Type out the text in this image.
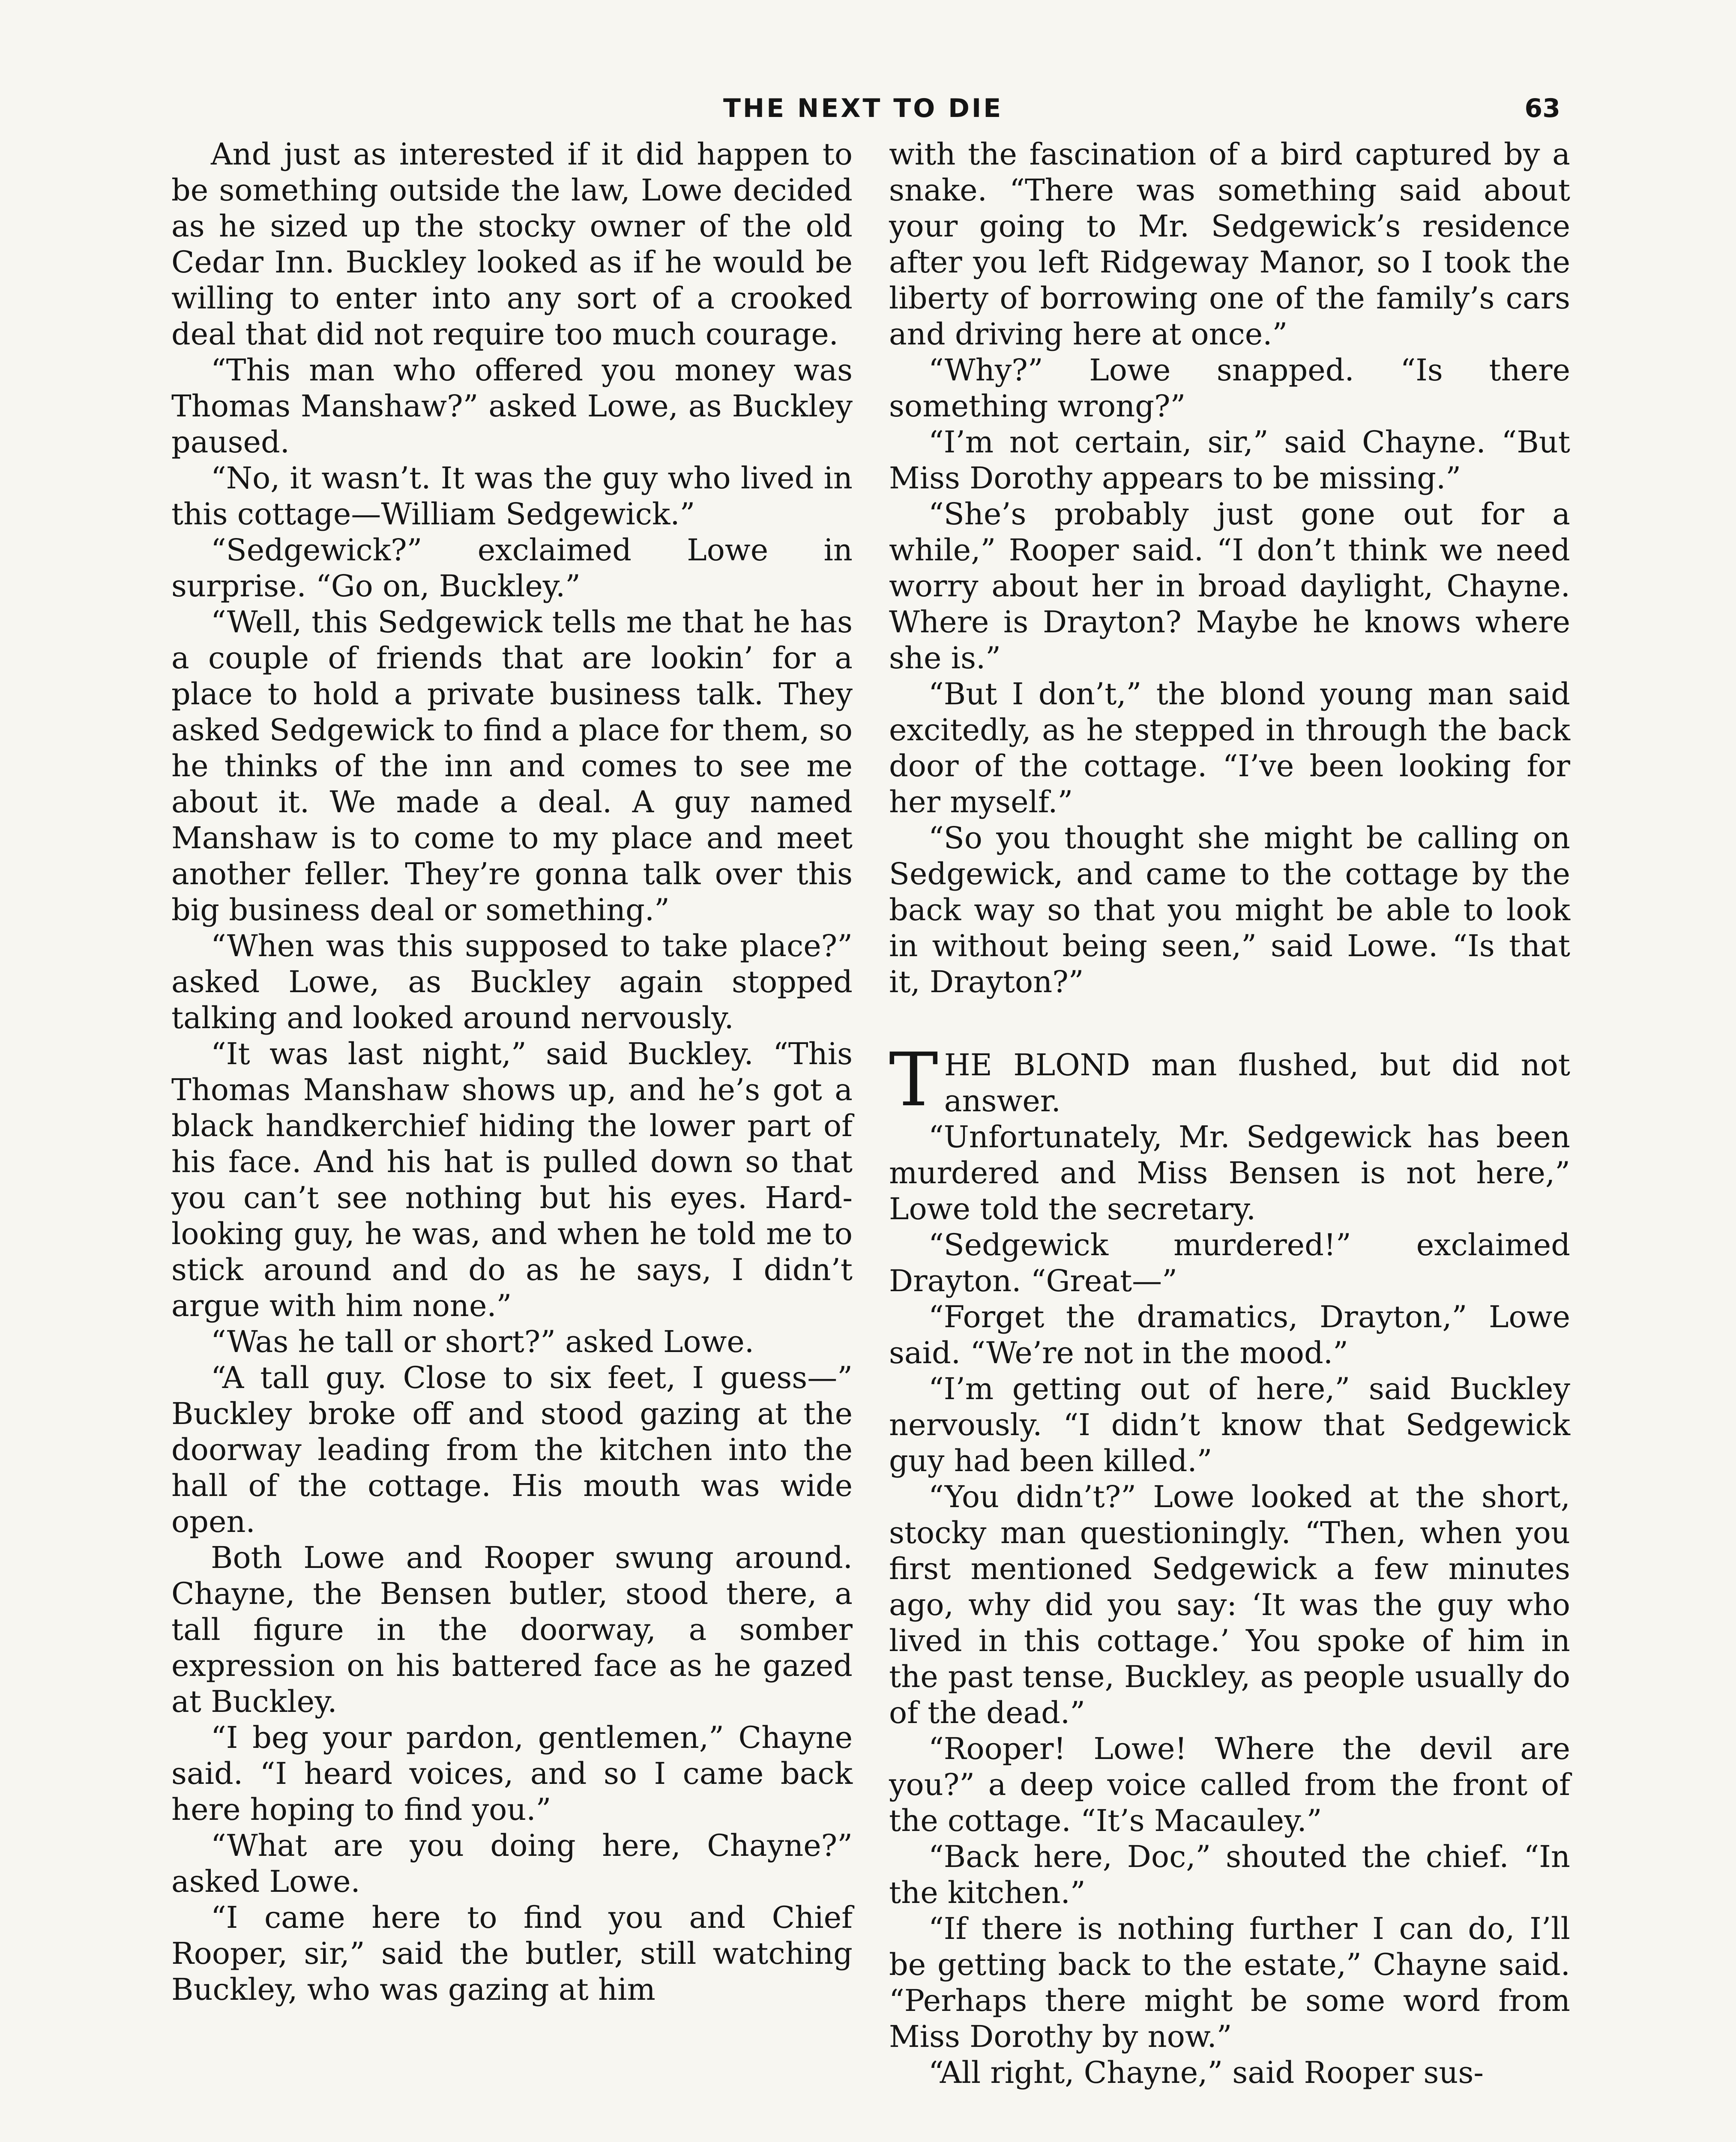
THE NEXT TO DIE	63

And just as interested if it did happen to be something outside the law, Lowe decided as he sized up the stocky owner of the old Cedar Inn. Buckley looked as if he would be willing to enter into any sort of a crooked deal that did not require too much courage.

“This man who offered you money was Thomas Manshaw?” asked Lowe, as Buckley paused.

“No, it wasn’t. It was the guy who lived in this cottage—William Sedgewick.”

“Sedgewick?” exclaimed Lowe in surprise. “Go on, Buckley.”

“Well, this Sedgewick tells me that he has a couple of friends that are lookin’ for a place to hold a private business talk. They asked Sedgewick to find a place for them, so he thinks of the inn and comes to see me about it. We made a deal. A guy named Manshaw is to come to my place and meet another feller. They’re gonna talk over this big business deal or something.”

“When was this supposed to take place?” asked Lowe, as Buckley again stopped talking and looked around nervously.

“It was last night,” said Buckley. “This Thomas Manshaw shows up, and he’s got a black handkerchief hiding the lower part of his face. And his hat is pulled down so that you can’t see nothing but his eyes. Hard-looking guy, he was, and when he told me to stick around and do as he says, I didn’t argue with him none.”

“Was he tall or short?” asked Lowe.

“A tall guy. Close to six feet, I guess—” Buckley broke off and stood gazing at the doorway leading from the kitchen into the hall of the cottage. His mouth was wide open.

Both Lowe and Rooper swung around. Chayne, the Bensen butler, stood there, a tall figure in the doorway, a somber expression on his battered face as he gazed at Buckley.

“I beg your pardon, gentlemen,” Chayne said. “I heard voices, and so I came back here hoping to find you.”

“What are you doing here, Chayne?” asked Lowe.

“I came here to find you and Chief Rooper, sir,” said the butler, still watching Buckley, who was gazing at him

with the fascination of a bird captured by a snake. “There was something said about your going to Mr. Sedgewick’s residence after you left Ridgeway Manor, so I took the liberty of borrowing one of the family’s cars and driving here at once.”

“Why?” Lowe snapped. “Is there something wrong?”

“I’m not certain, sir,” said Chayne. “But Miss Dorothy appears to be missing.”

“She’s probably just gone out for a while,” Rooper said. “I don’t think we need worry about her in broad daylight, Chayne. Where is Drayton? Maybe he knows where she is.”

“But I don’t,” the blond young man said excitedly, as he stepped in through the back door of the cottage. “I’ve been looking for her myself.”

“So you thought she might be calling on Sedgewick, and came to the cottage by the back way so that you might be able to look in without being seen,” said Lowe. “Is that it, Drayton?”

THE BLOND man flushed, but did not answer.

“Unfortunately, Mr. Sedgewick has been murdered and Miss Bensen is not here,” Lowe told the secretary.

“Sedgewick murdered!” exclaimed Drayton. “Great—”

“Forget the dramatics, Drayton,” Lowe said. “We’re not in the mood.”

“I’m getting out of here,” said Buckley nervously. “I didn’t know that Sedgewick guy had been killed.”

“You didn’t?” Lowe looked at the short, stocky man questioningly. “Then, when you first mentioned Sedgewick a few minutes ago, why did you say: ‘It was the guy who lived in this cottage.’ You spoke of him in the past tense, Buckley, as people usually do of the dead.”

“Rooper! Lowe! Where the devil are you?” a deep voice called from the front of the cottage. “It’s Macauley.”

“Back here, Doc,” shouted the chief. “In the kitchen.”

“If there is nothing further I can do, I’ll be getting back to the estate,” Chayne said. “Perhaps there might be some word from Miss Dorothy by now.”

“All right, Chayne,” said Rooper sus-
